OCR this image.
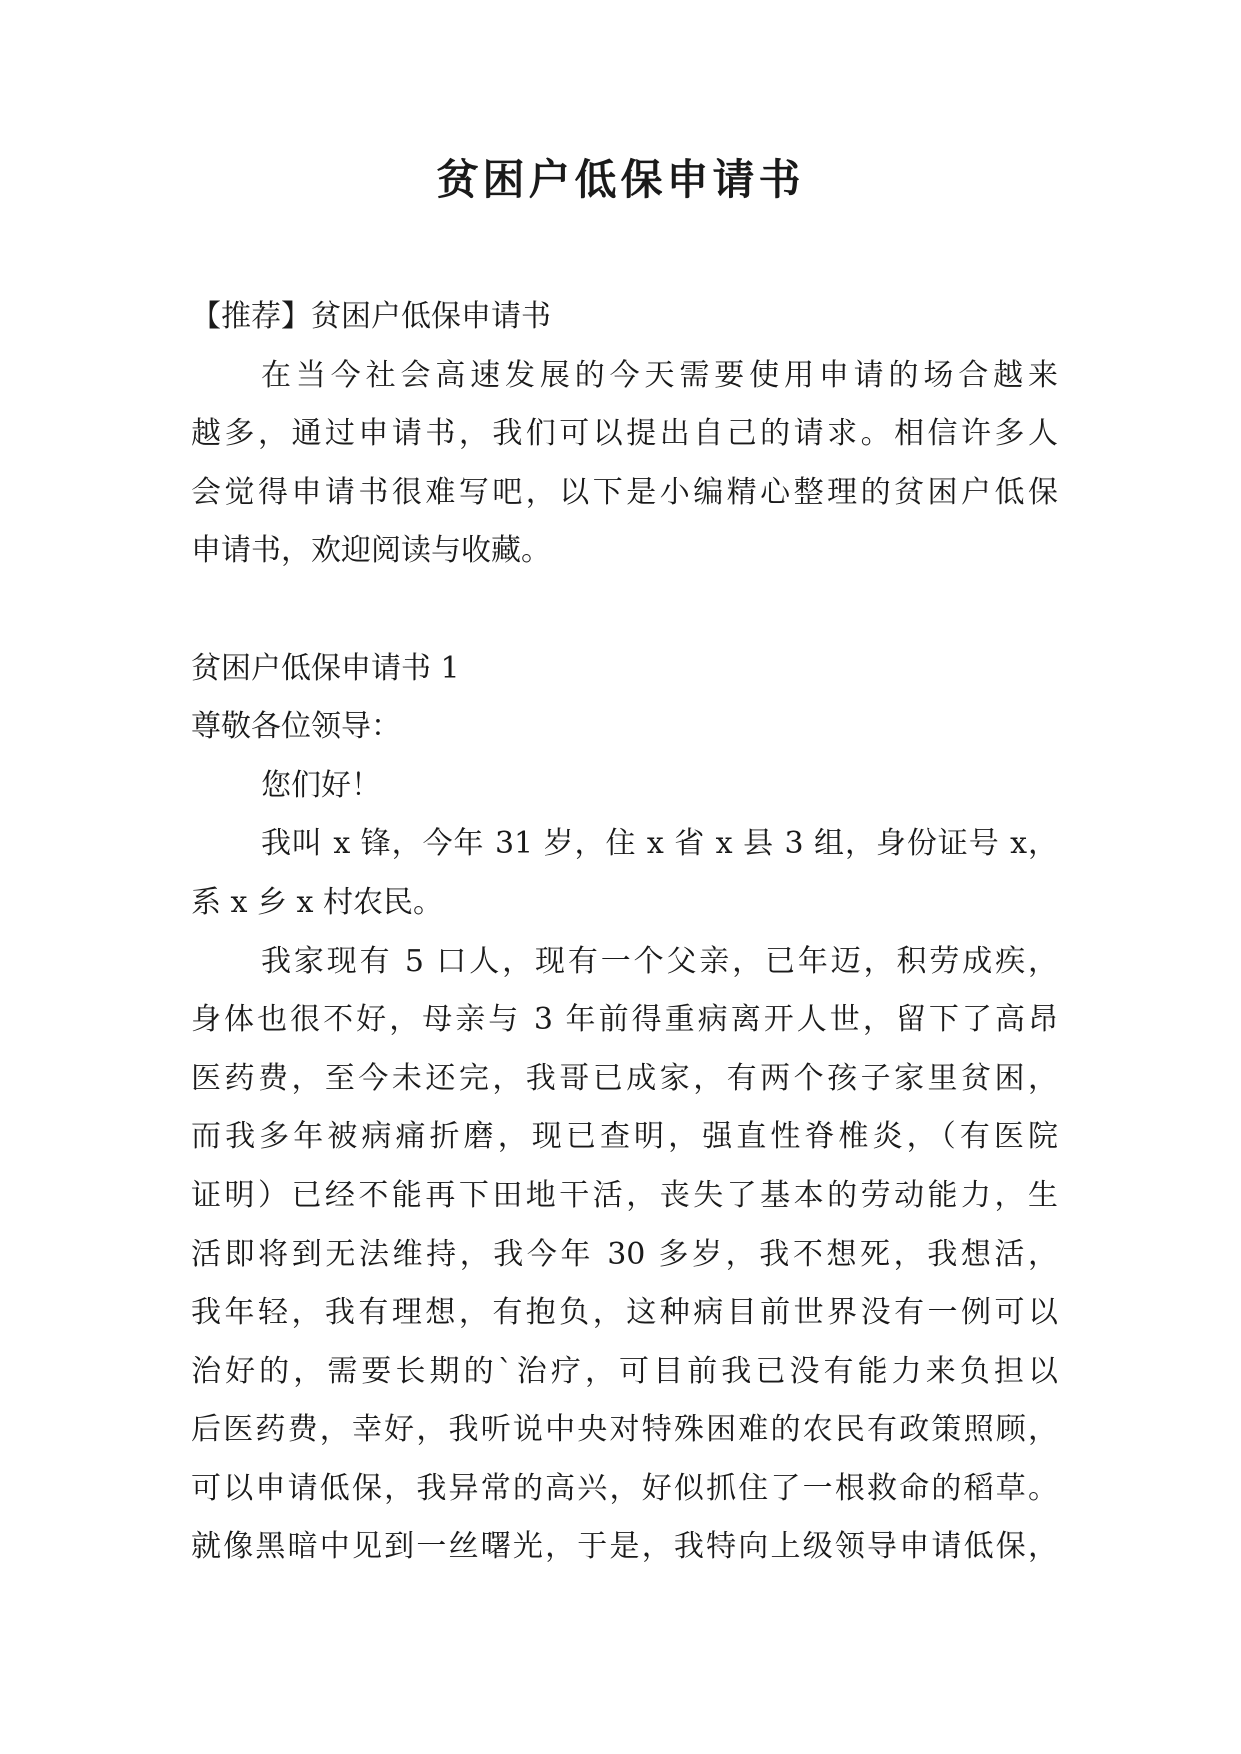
贫困户低保申请书
【推荐】贫困户低保申请书
在当今社会高速发展的今天需要使用申请的场合越来
越多，通过申请书，我们可以提出自己的请求。相信许多人
会觉得申请书很难写吧，以下是小编精心整理的贫困户低保
申请书，欢迎阅读与收藏。
贫困户低保申请书 1
尊敬各位领导：
您们好！
我叫 x 锋，今年 31 岁，住 x 省 x 县 3 组，身份证号 x，
系 x 乡 x 村农民。
我家现有 5 口人，现有一个父亲，已年迈，积劳成疾，
身体也很不好，母亲与 3 年前得重病离开人世，留下了高昂
医药费，至今未还完，我哥已成家，有两个孩子家里贫困，
而我多年被病痛折磨，现已查明，强直性脊椎炎，（有医院
证明）已经不能再下田地干活，丧失了基本的劳动能力，生
活即将到无法维持，我今年 30 多岁，我不想死，我想活，
我年轻，我有理想，有抱负，这种病目前世界没有一例可以
治好的，需要长期的`治疗，可目前我已没有能力来负担以
后医药费，幸好，我听说中央对特殊困难的农民有政策照顾，
可以申请低保，我异常的高兴，好似抓住了一根救命的稻草。
就像黑暗中见到一丝曙光，于是，我特向上级领导申请低保，
